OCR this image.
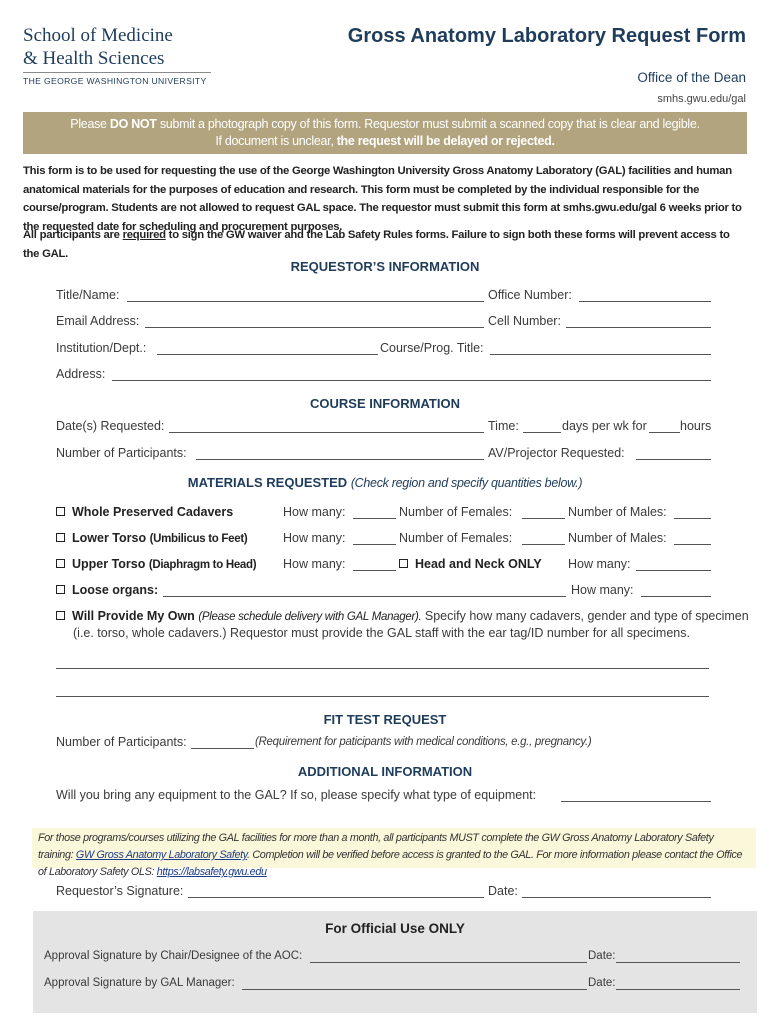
School of Medicine
& Health Sciences
THE GEORGE WASHINGTON UNIVERSITY
Gross Anatomy Laboratory Request Form
Office of the Dean
smhs.gwu.edu/gal
Please DO NOT submit a photograph copy of this form. Requestor must submit a scanned copy that is clear and legible.
If document is unclear, the request will be delayed or rejected.
This form is to be used for requesting the use of the George Washington University Gross Anatomy Laboratory (GAL) facilities and human anatomical materials for the purposes of education and research. This form must be completed by the individual responsible for the course/program. Students are not allowed to request GAL space. The requestor must submit this form at smhs.gwu.edu/gal 6 weeks prior to the requested date for scheduling and procurement purposes.
All participants are required to sign the GW waiver and the Lab Safety Rules forms. Failure to sign both these forms will prevent access to the GAL.
REQUESTOR’S INFORMATION
Title/Name:	Office Number:
Email Address:	Cell Number:
Institution/Dept.:	Course/Prog. Title:
Address:
COURSE INFORMATION
Date(s) Requested:	Time:	days per wk for	hours
Number of Participants:	AV/Projector Requested:
MATERIALS REQUESTED (Check region and specify quantities below.)
Whole Preserved Cadavers	How many:	Number of Females:	Number of Males:
Lower Torso (Umbilicus to Feet)	How many:	Number of Females:	Number of Males:
Upper Torso (Diaphragm to Head) How many:	Head and Neck ONLY How many:
Loose organs:	How many:
Will Provide My Own (Please schedule delivery with GAL Manager). Specify how many cadavers, gender and type of specimen
(i.e. torso, whole cadavers.) Requestor must provide the GAL staff with the ear tag/ID number for all specimens.
FIT TEST REQUEST
Number of Participants:	(Requirement for paticipants with medical conditions, e.g., pregnancy.)
ADDITIONAL INFORMATION
Will you bring any equipment to the GAL? If so, please specify what type of equipment:
For those programs/courses utilizing the GAL facilities for more than a month, all participants MUST complete the GW Gross Anatomy Laboratory Safety training: GW Gross Anatomy Laboratory Safety. Completion will be verified before access is granted to the GAL. For more information please contact the Office of Laboratory Safety OLS: https://labsafety.gwu.edu
Requestor’s Signature:	Date:
For Official Use ONLY
Approval Signature by Chair/Designee of the AOC:	Date:
Approval Signature by GAL Manager:	Date:
